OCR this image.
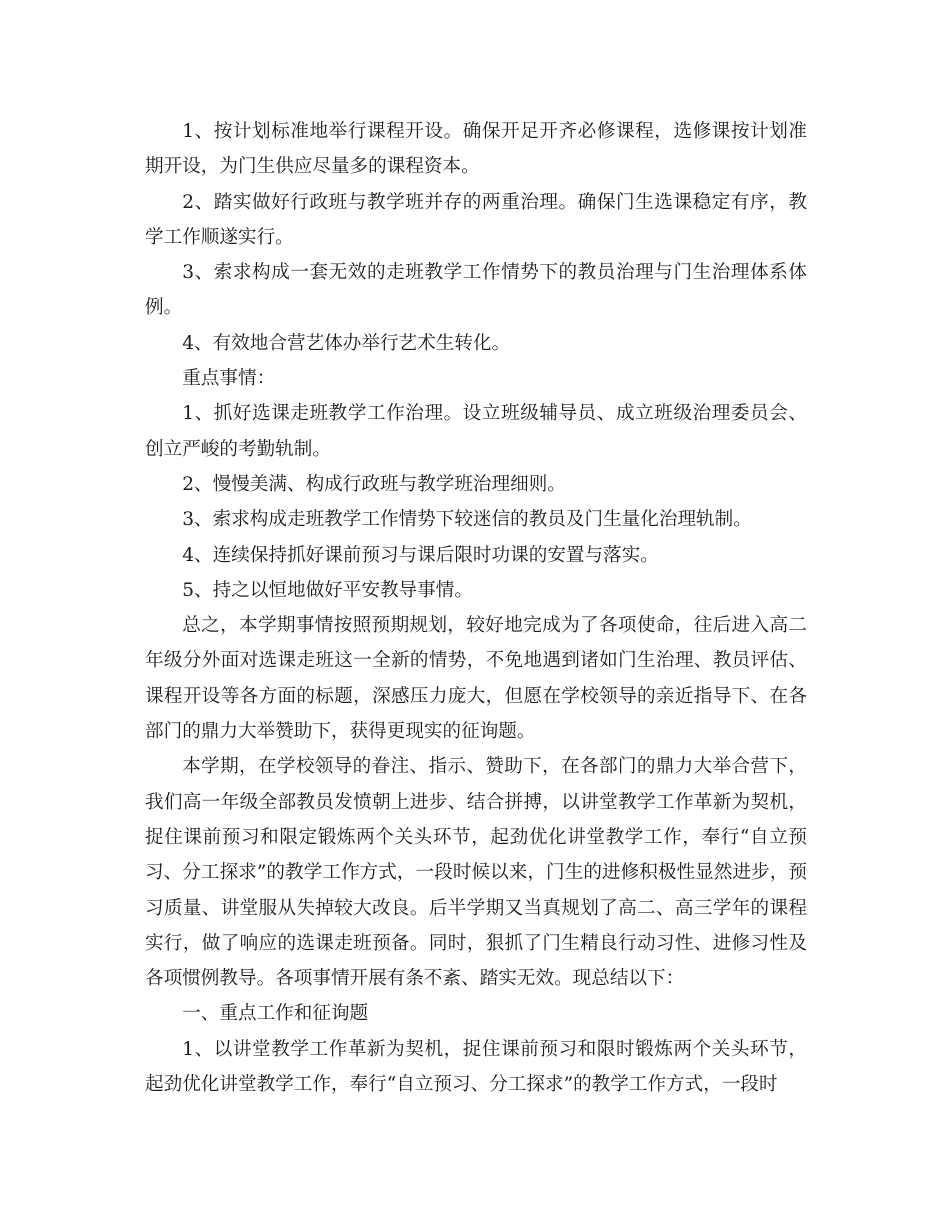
1、按计划标准地举行课程开设。确保开足开齐必修课程，选修课按计划准期开设，为门生供应尽量多的课程资本。

2、踏实做好行政班与教学班并存的两重治理。确保门生选课稳定有序，教学工作顺遂实行。

3、索求构成一套无效的走班教学工作情势下的教员治理与门生治理体系体例。

4、有效地合营艺体办举行艺术生转化。

重点事情：

1、抓好选课走班教学工作治理。设立班级辅导员、成立班级治理委员会、创立严峻的考勤轨制。

2、慢慢美满、构成行政班与教学班治理细则。

3、索求构成走班教学工作情势下较迷信的教员及门生量化治理轨制。

4、连续保持抓好课前预习与课后限时功课的安置与落实。

5、持之以恒地做好平安教导事情。

总之，本学期事情按照预期规划，较好地完成为了各项使命，往后进入高二年级分外面对选课走班这一全新的情势，不免地遇到诸如门生治理、教员评估、课程开设等各方面的标题，深感压力庞大，但愿在学校领导的亲近指导下、在各部门的鼎力大举赞助下，获得更现实的征询题。

本学期，在学校领导的眷注、指示、赞助下，在各部门的鼎力大举合营下，我们高一年级全部教员发愤朝上进步、结合拼搏，以讲堂教学工作革新为契机，捉住课前预习和限定锻炼两个关头环节，起劲优化讲堂教学工作，奉行“自立预习、分工探求”的教学工作方式，一段时候以来，门生的进修积极性显然进步，预习质量、讲堂服从失掉较大改良。后半学期又当真规划了高二、高三学年的课程实行，做了响应的选课走班预备。同时，狠抓了门生精良行动习性、进修习性及各项惯例教导。各项事情开展有条不紊、踏实无效。现总结以下：

一、重点工作和征询题

1、以讲堂教学工作革新为契机，捉住课前预习和限时锻炼两个关头环节，起劲优化讲堂教学工作，奉行“自立预习、分工探求”的教学工作方式，一段时
